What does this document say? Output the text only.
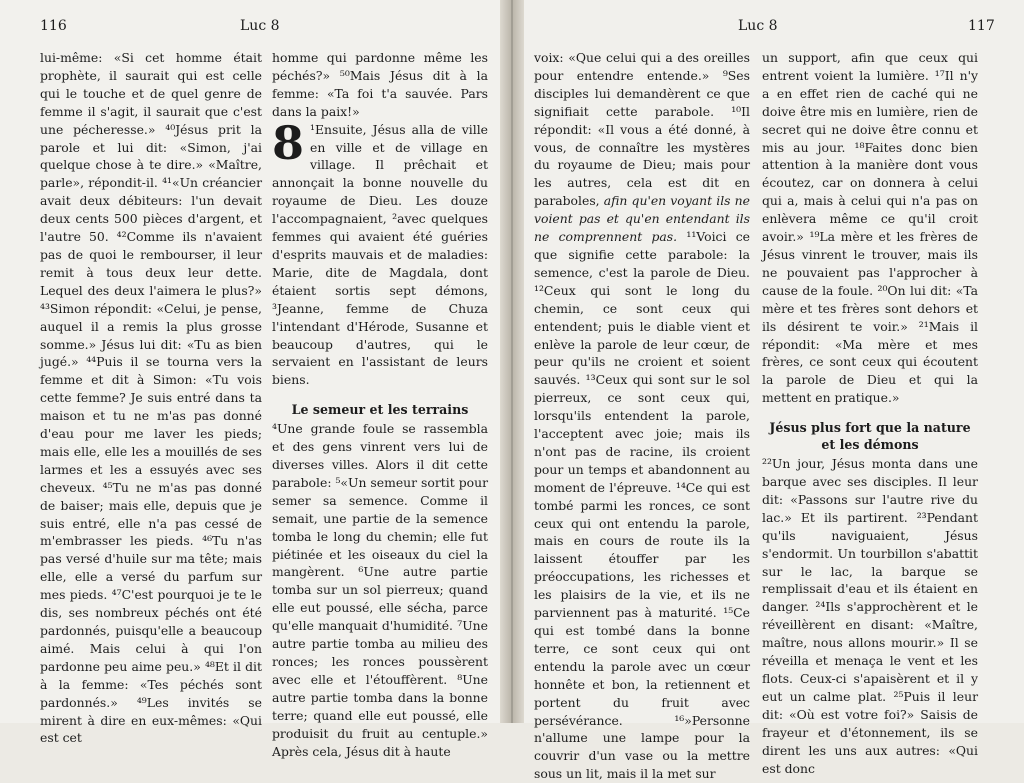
116	Luc 8

lui-même: «Si cet homme était prophète, il saurait qui est celle qui le touche et de quel genre de femme il s'agit, il saurait que c'est une pécheresse.» ⁴⁰Jésus prit la parole et lui dit: «Simon, j'ai quelque chose à te dire.» «Maître, parle», répondit-il. ⁴¹«Un créancier avait deux débiteurs: l'un devait deux cents 500 pièces d'argent, et l'autre 50. ⁴²Comme ils n'avaient pas de quoi le rembourser, il leur remit à tous deux leur dette. Lequel des deux l'aimera le plus?» ⁴³Simon répondit: «Celui, je pense, auquel il a remis la plus grosse somme.» Jésus lui dit: «Tu as bien jugé.» ⁴⁴Puis il se tourna vers la femme et dit à Simon: «Tu vois cette femme? Je suis entré dans ta maison et tu ne m'as pas donné d'eau pour me laver les pieds; mais elle, elle les a mouillés de ses larmes et les a essuyés avec ses cheveux. ⁴⁵Tu ne m'as pas donné de baiser; mais elle, depuis que je suis entré, elle n'a pas cessé de m'embrasser les pieds. ⁴⁶Tu n'as pas versé d'huile sur ma tête; mais elle, elle a versé du parfum sur mes pieds. ⁴⁷C'est pourquoi je te le dis, ses nombreux péchés ont été pardonnés, puisqu'elle a beaucoup aimé. Mais celui à qui l'on pardonne peu aime peu.» ⁴⁸Et il dit à la femme: «Tes péchés sont pardonnés.» ⁴⁹Les invités se mirent à dire en eux-mêmes: «Qui est cet

homme qui pardonne même les péchés?» ⁵⁰Mais Jésus dit à la femme: «Ta foi t'a sauvée. Pars dans la paix!»

8 ¹Ensuite, Jésus alla de ville en ville et de village en village. Il prêchait et annonçait la bonne nouvelle du royaume de Dieu. Les douze l'accompagnaient, ²avec quelques femmes qui avaient été guéries d'esprits mauvais et de maladies: Marie, dite de Magdala, dont étaient sortis sept démons, ³Jeanne, femme de Chuza l'intendant d'Hérode, Susanne et beaucoup d'autres, qui le servaient en l'assistant de leurs biens.

Le semeur et les terrains

⁴Une grande foule se rassembla et des gens vinrent vers lui de diverses villes. Alors il dit cette parabole: ⁵«Un semeur sortit pour semer sa semence. Comme il semait, une partie de la semence tomba le long du chemin; elle fut piétinée et les oiseaux du ciel la mangèrent. ⁶Une autre partie tomba sur un sol pierreux; quand elle eut poussé, elle sécha, parce qu'elle manquait d'humidité. ⁷Une autre partie tomba au milieu des ronces; les ronces poussèrent avec elle et l'étouffèrent. ⁸Une autre partie tomba dans la bonne terre; quand elle eut poussé, elle produisit du fruit au centuple.» Après cela, Jésus dit à haute

Luc 8	117

voix: «Que celui qui a des oreilles pour entendre entende.» ⁹Ses disciples lui demandèrent ce que signifiait cette parabole. ¹⁰Il répondit: «Il vous a été donné, à vous, de connaître les mystères du royaume de Dieu; mais pour les autres, cela est dit en paraboles, afin qu'en voyant ils ne voient pas et qu'en entendant ils ne comprennent pas. ¹¹Voici ce que signifie cette parabole: la semence, c'est la parole de Dieu. ¹²Ceux qui sont le long du chemin, ce sont ceux qui entendent; puis le diable vient et enlève la parole de leur cœur, de peur qu'ils ne croient et soient sauvés. ¹³Ceux qui sont sur le sol pierreux, ce sont ceux qui, lorsqu'ils entendent la parole, l'acceptent avec joie; mais ils n'ont pas de racine, ils croient pour un temps et abandonnent au moment de l'épreuve. ¹⁴Ce qui est tombé parmi les ronces, ce sont ceux qui ont entendu la parole, mais en cours de route ils la laissent étouffer par les préoccupations, les richesses et les plaisirs de la vie, et ils ne parviennent pas à maturité. ¹⁵Ce qui est tombé dans la bonne terre, ce sont ceux qui ont entendu la parole avec un cœur honnête et bon, la retiennent et portent du fruit avec persévérance. ¹⁶»Personne n'allume une lampe pour la couvrir d'un vase ou la mettre sous un lit, mais il la met sur

un support, afin que ceux qui entrent voient la lumière. ¹⁷Il n'y a en effet rien de caché qui ne doive être mis en lumière, rien de secret qui ne doive être connu et mis au jour. ¹⁸Faites donc bien attention à la manière dont vous écoutez, car on donnera à celui qui a, mais à celui qui n'a pas on enlèvera même ce qu'il croit avoir.» ¹⁹La mère et les frères de Jésus vinrent le trouver, mais ils ne pouvaient pas l'approcher à cause de la foule. ²⁰On lui dit: «Ta mère et tes frères sont dehors et ils désirent te voir.» ²¹Mais il répondit: «Ma mère et mes frères, ce sont ceux qui écoutent la parole de Dieu et qui la mettent en pratique.»

Jésus plus fort que la nature et les démons

²²Un jour, Jésus monta dans une barque avec ses disciples. Il leur dit: «Passons sur l'autre rive du lac.» Et ils partirent. ²³Pendant qu'ils naviguaient, Jésus s'endormit. Un tourbillon s'abattit sur le lac, la barque se remplissait d'eau et ils étaient en danger. ²⁴Ils s'approchèrent et le réveillèrent en disant: «Maître, maître, nous allons mourir.» Il se réveilla et menaça le vent et les flots. Ceux-ci s'apaisèrent et il y eut un calme plat. ²⁵Puis il leur dit: «Où est votre foi?» Saisis de frayeur et d'étonnement, ils se dirent les uns aux autres: «Qui est donc
